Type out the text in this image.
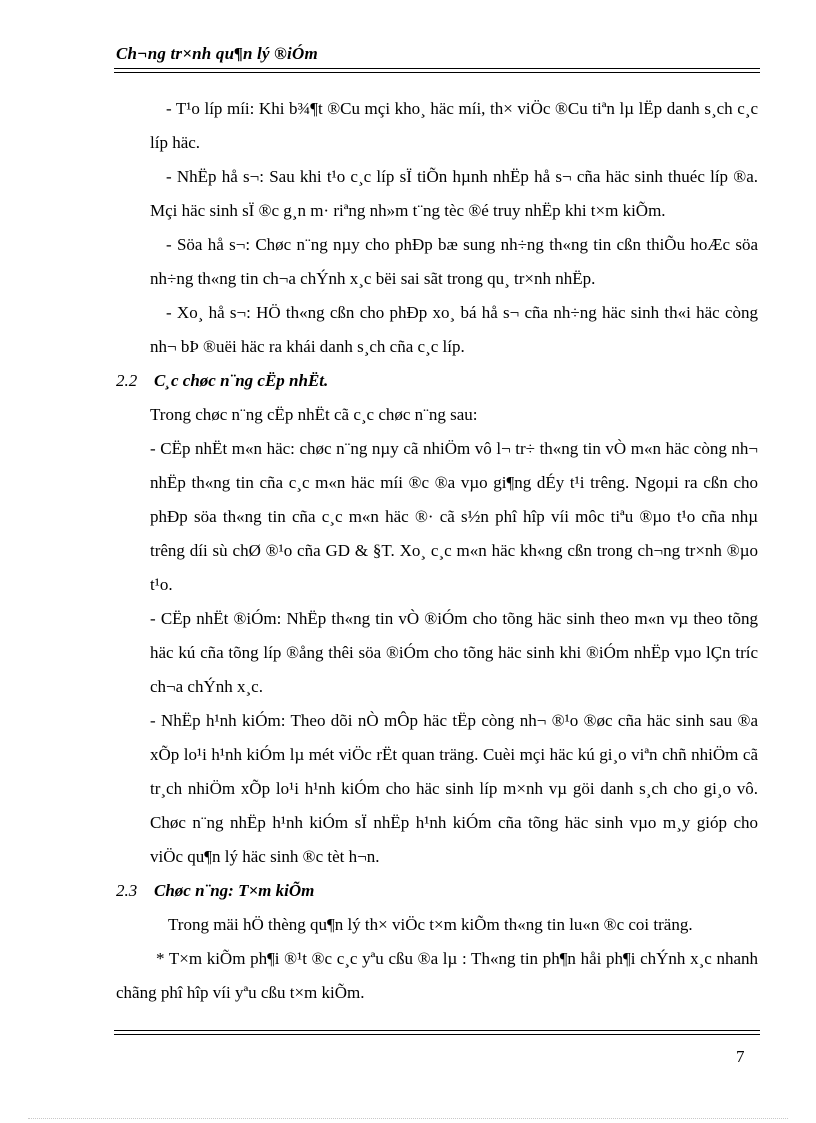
Ch¬ng tr×nh qu¶n lý ®iÓm

- T¹o líp míi: Khi b¾¶t ®Cu mçi kho¸ häc míi, th× viÖc ®Cu tiªn lµ lËp danh s¸ch c¸c líp häc.

- NhËp hå s¬: Sau khi t¹o c¸c líp sÏ tiÕn hµnh nhËp hå s¬ cña häc sinh thuéc líp ®a. Mçi häc sinh sÏ ®c g¸n m· riªng nh»m t¨ng tèc ®é truy nhËp khi t×m kiÕm.

- Söa hå s¬: Chøc n¨ng nµy cho phÐp bæ sung nh÷ng th«ng tin cßn thiÕu hoÆc söa nh÷ng th«ng tin ch¬a chÝnh x¸c bëi sai sãt trong qu¸ tr×nh nhËp.

- Xo¸ hå s¬: HÖ th«ng cßn cho phÐp xo¸ bá hå s¬ cña nh÷ng häc sinh th«i häc còng nh¬ bÞ ®uëi häc ra khái danh s¸ch cña c¸c líp.

2.2 C¸c chøc n¨ng cËp nhËt.

Trong chøc n¨ng cËp nhËt cã c¸c chøc n¨ng sau:

- CËp nhËt m«n häc: chøc n¨ng nµy cã nhiÖm vô l¬ tr÷ th«ng tin vÒ m«n häc còng nh¬ nhËp th«ng tin cña c¸c m«n häc míi ®c ®a vµo gi¶ng dÉy t¹i trêng. Ngoµi ra cßn cho phÐp söa th«ng tin cña c¸c m«n häc ®· cã s½n phî hîp víi môc tiªu ®µo t¹o cña nhµ trêng díi sù chØ ®¹o cña GD & §T. Xo¸ c¸c m«n häc kh«ng cßn trong ch¬ng tr×nh ®µo t¹o.

- CËp nhËt ®iÓm: NhËp th«ng tin vÒ ®iÓm cho tõng häc sinh theo m«n vµ theo tõng häc kú cña tõng líp ®ång thêi söa ®iÓm cho tõng häc sinh khi ®iÓm nhËp vµo lÇn tríc ch¬a chÝnh x¸c.

- NhËp h¹nh kiÓm: Theo dõi nÒ mÔp häc tËp còng nh¬ ®¹o ®øc cña häc sinh sau ®a xÕp lo¹i h¹nh kiÓm lµ mét viÖc rËt quan träng. Cuèi mçi häc kú gi¸o viªn chñ nhiÖm cã tr¸ch nhiÖm xÕp lo¹i h¹nh kiÓm cho häc sinh líp m×nh vµ göi danh s¸ch cho gi¸o vô. Chøc n¨ng nhËp h¹nh kiÓm sÏ nhËp h¹nh kiÓm cña tõng häc sinh vµo m¸y gióp cho viÖc qu¶n lý häc sinh ®c tèt h¬n.

2.3 Chøc n¨ng: T×m kiÕm

Trong mäi hÖ thèng qu¶n lý th× viÖc t×m kiÕm th«ng tin lu«n ®c coi träng.

* T×m kiÕm ph¶i ®¹t ®c c¸c yªu cßu ®a lµ : Th«ng tin ph¶n håi ph¶i chÝnh x¸c nhanh chãng phî hîp víi yªu cßu t×m kiÕm.

7
